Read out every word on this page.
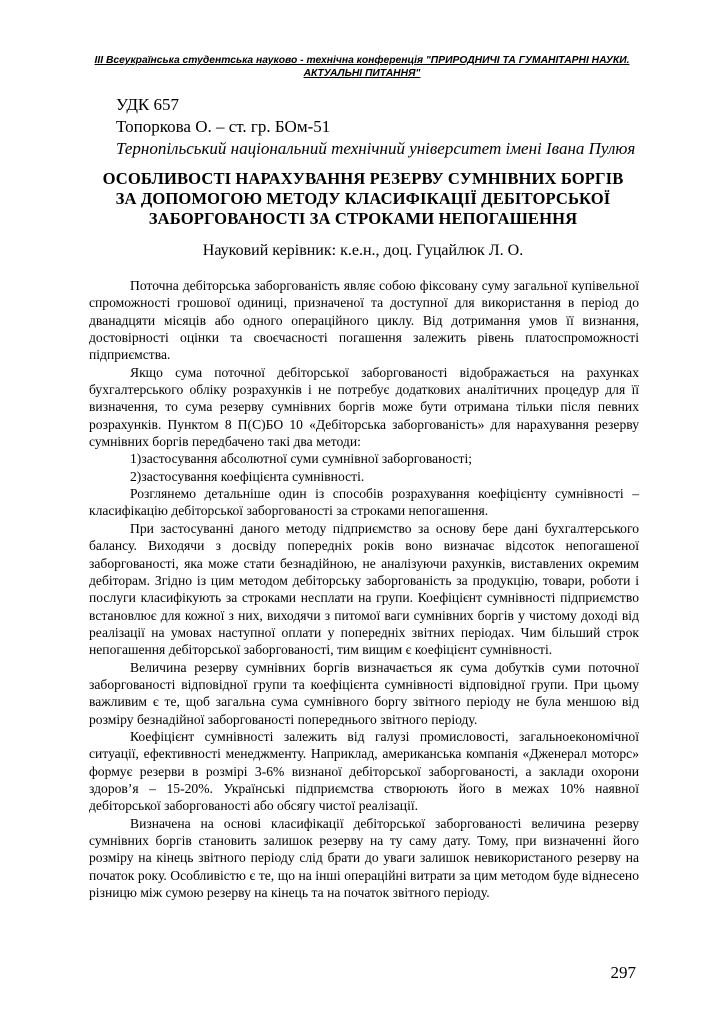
III Всеукраїнська студентська науково - технічна конференція "ПРИРОДНИЧІ ТА ГУМАНІТАРНІ НАУКИ.
АКТУАЛЬНІ ПИТАННЯ"
УДК 657
Топоркова О. – ст. гр. БОм-51
Тернопільський національний технічний університет імені Івана Пулюя
ОСОБЛИВОСТІ НАРАХУВАННЯ РЕЗЕРВУ СУМНІВНИХ БОРГІВ
ЗА ДОПОМОГОЮ МЕТОДУ КЛАСИФІКАЦІЇ ДЕБІТОРСЬКОЇ
ЗАБОРГОВАНОСТІ ЗА СТРОКАМИ НЕПОГАШЕННЯ
Науковий керівник: к.е.н., доц. Гуцайлюк Л. О.

Поточна дебіторська заборгованість являє собою фіксовану суму загальної купівельної спроможності грошової одиниці, призначеної та доступної для використання в період до дванадцяти місяців або одного операційного циклу. Від дотримання умов її визнання, достовірності оцінки та своєчасності погашення залежить рівень платоспроможності підприємства.

Якщо сума поточної дебіторської заборгованості відображається на рахунках бухгалтерського обліку розрахунків і не потребує додаткових аналітичних процедур для її визначення, то сума резерву сумнівних боргів може бути отримана тільки після певних розрахунків. Пунктом 8 П(С)БО 10 «Дебіторська заборгованість» для нарахування резерву сумнівних боргів передбачено такі два методи:

1)застосування абсолютної суми сумнівної заборгованості;

2)застосування коефіцієнта сумнівності.

Розглянемо детальніше один із способів розрахування коефіцієнту сумнівності – класифікацію дебіторської заборгованості за строками непогашення.

При застосуванні даного методу підприємство за основу бере дані бухгалтерського балансу. Виходячи з досвіду попередніх років воно визначає відсоток непогашеної заборгованості, яка може стати безнадійною, не аналізуючи рахунків, виставлених окремим дебіторам. Згідно із цим методом дебіторську заборгованість за продукцію, товари, роботи і послуги класифікують за строками несплати на групи. Коефіцієнт сумнівності підприємство встановлює для кожної з них, виходячи з питомої ваги сумнівних боргів у чистому доході від реалізації на умовах наступної оплати у попередніх звітних періодах. Чим більший строк непогашення дебіторської заборгованості, тим вищим є коефіцієнт сумнівності.

Величина резерву сумнівних боргів визначається як сума добутків суми поточної заборгованості відповідної групи та коефіцієнта сумнівності відповідної групи. При цьому важливим є те, щоб загальна сума сумнівного боргу звітного періоду не була меншою від розміру безнадійної заборгованості попереднього звітного періоду.

Коефіцієнт сумнівності залежить від галузі промисловості, загальноекономічної ситуації, ефективності менеджменту. Наприклад, американська компанія «Дженерал моторс» формує резерви в розмірі 3-6% визнаної дебіторської заборгованості, а заклади охорони здоров’я – 15-20%. Українські підприємства створюють його в межах 10% наявної дебіторської заборгованості або обсягу чистої реалізації.

Визначена на основі класифікації дебіторської заборгованості величина резерву сумнівних боргів становить залишок резерву на ту саму дату. Тому, при визначенні його розміру на кінець звітного періоду слід брати до уваги залишок невикористаного резерву на початок року. Особливістю є те, що на інші операційні витрати за цим методом буде віднесено різницю між сумою резерву на кінець та на початок звітного періоду.

297
